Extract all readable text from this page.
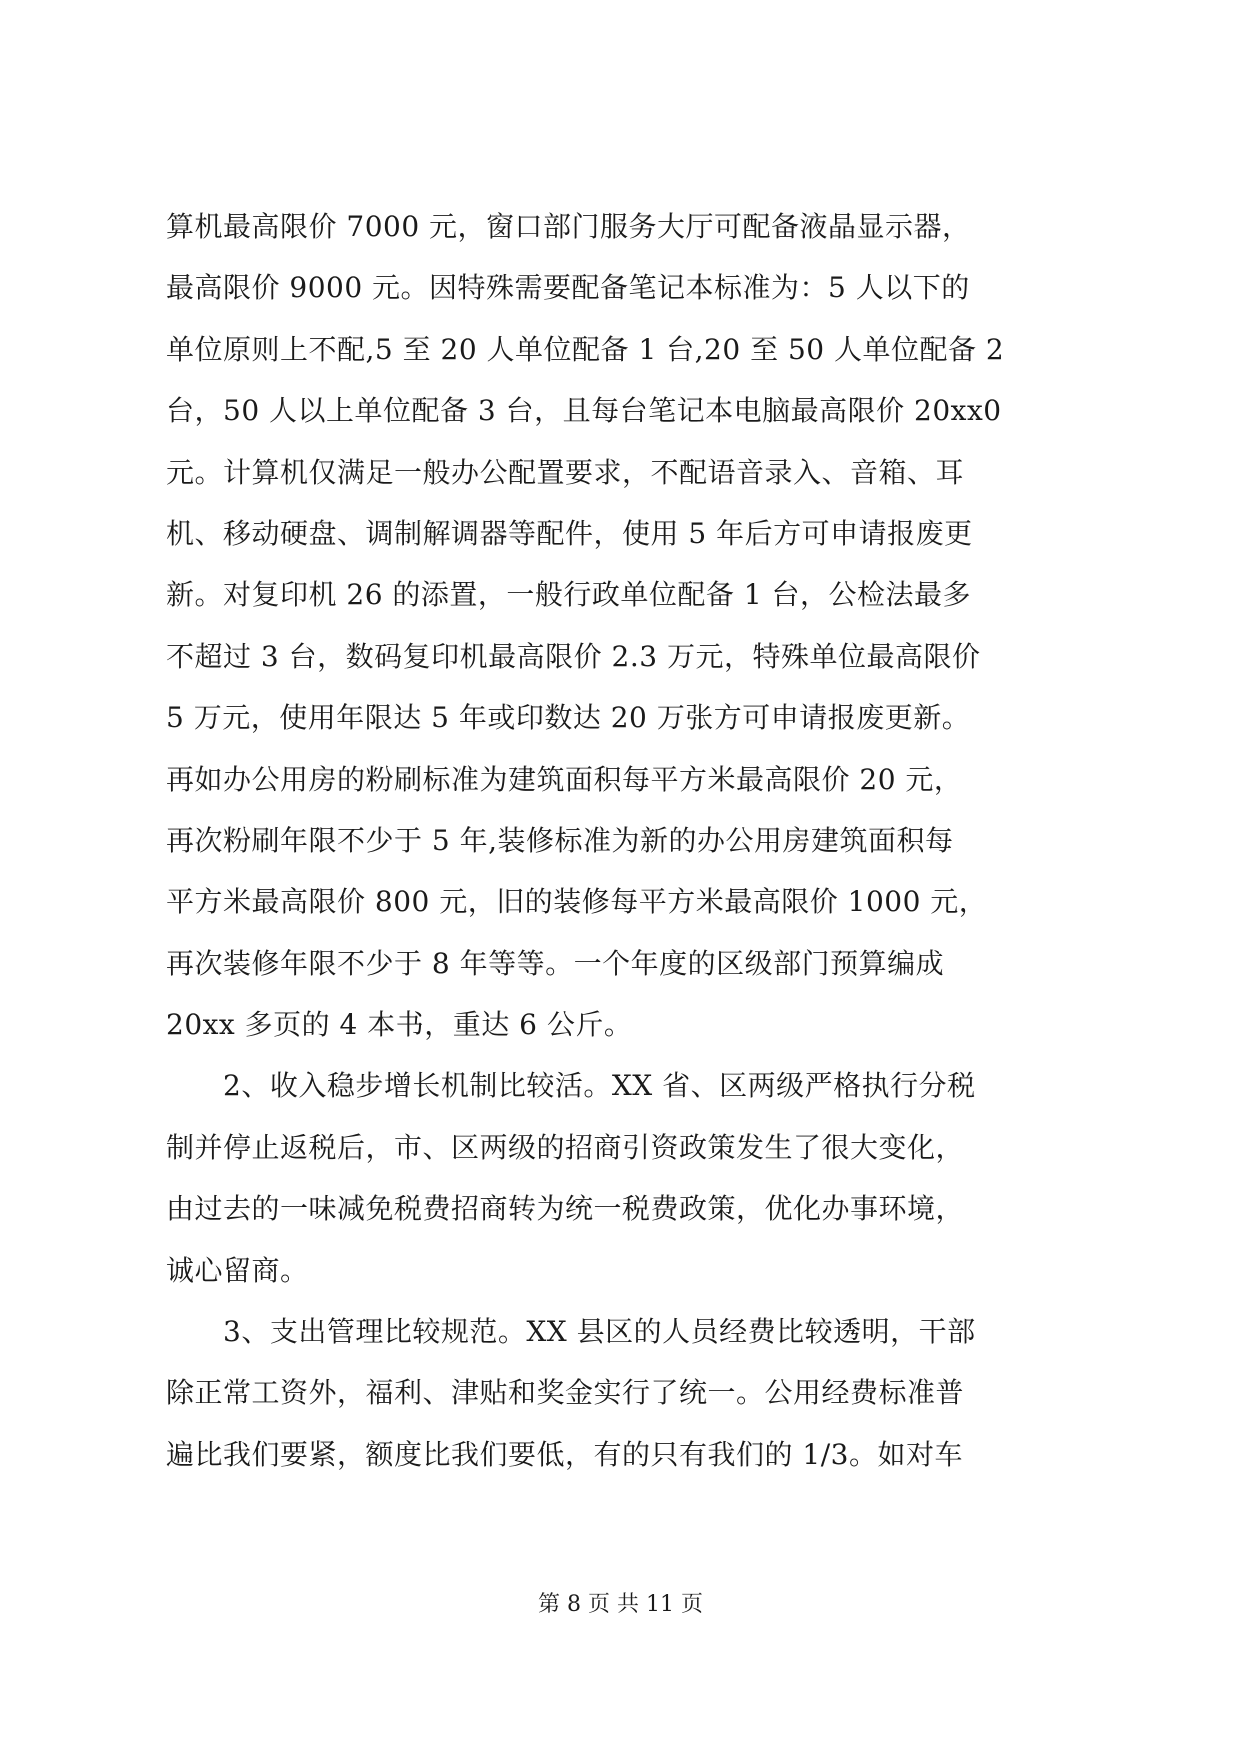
算机最高限价 7000 元，窗口部门服务大厅可配备液晶显示器，
最高限价 9000 元。因特殊需要配备笔记本标准为：5 人以下的
单位原则上不配,5 至 20 人单位配备 1 台,20 至 50 人单位配备 2
台，50 人以上单位配备 3 台，且每台笔记本电脑最高限价 20xx0
元。计算机仅满足一般办公配置要求，不配语音录入、音箱、耳
机、移动硬盘、调制解调器等配件，使用 5 年后方可申请报废更
新。对复印机 26 的添置，一般行政单位配备 1 台，公检法最多
不超过 3 台，数码复印机最高限价 2.3 万元，特殊单位最高限价
5 万元，使用年限达 5 年或印数达 20 万张方可申请报废更新。
再如办公用房的粉刷标准为建筑面积每平方米最高限价 20 元，
再次粉刷年限不少于 5 年,装修标准为新的办公用房建筑面积每
平方米最高限价 800 元，旧的装修每平方米最高限价 1000 元，
再次装修年限不少于 8 年等等。一个年度的区级部门预算编成
20xx 多页的 4 本书，重达 6 公斤。
　　2、收入稳步增长机制比较活。XX 省、区两级严格执行分税
制并停止返税后，市、区两级的招商引资政策发生了很大变化，
由过去的一味减免税费招商转为统一税费政策，优化办事环境，
诚心留商。
　　3、支出管理比较规范。XX 县区的人员经费比较透明，干部
除正常工资外，福利、津贴和奖金实行了统一。公用经费标准普
遍比我们要紧，额度比我们要低，有的只有我们的 1/3。如对车
第 8 页 共 11 页
